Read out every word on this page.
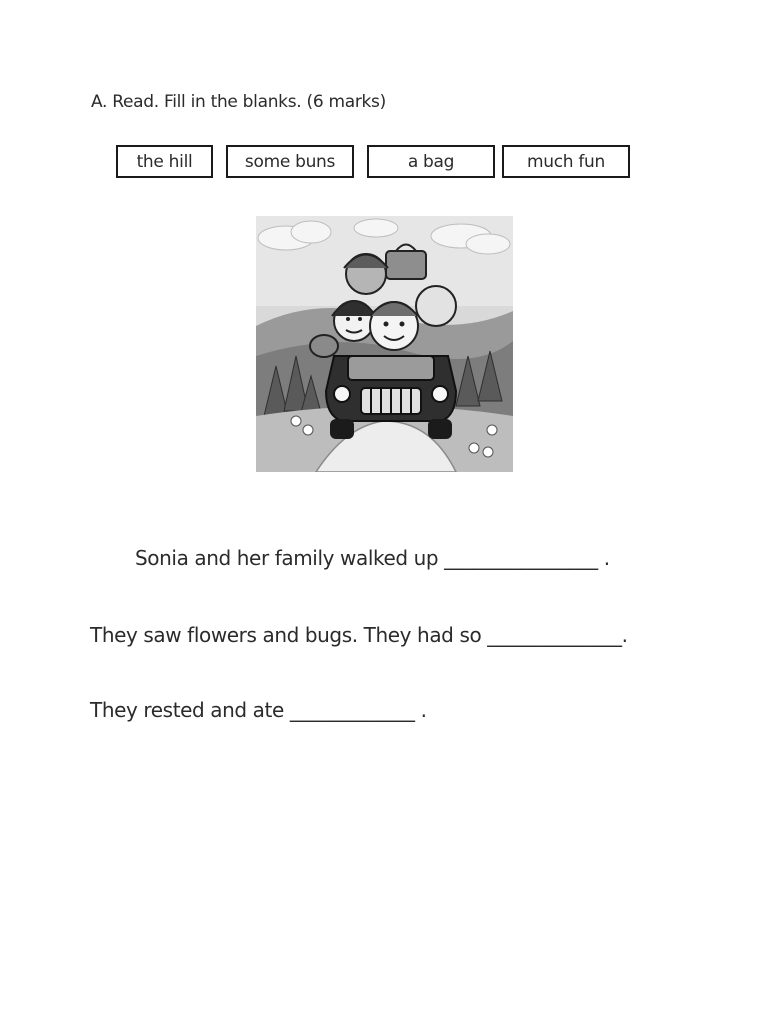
A. Read. Fill in the blanks. (6 marks)
the hill	some buns	a bag	much fun
Sonia and her family walked up ________________ .
They saw flowers and bugs. They had so ______________.
They rested and ate _____________ .
